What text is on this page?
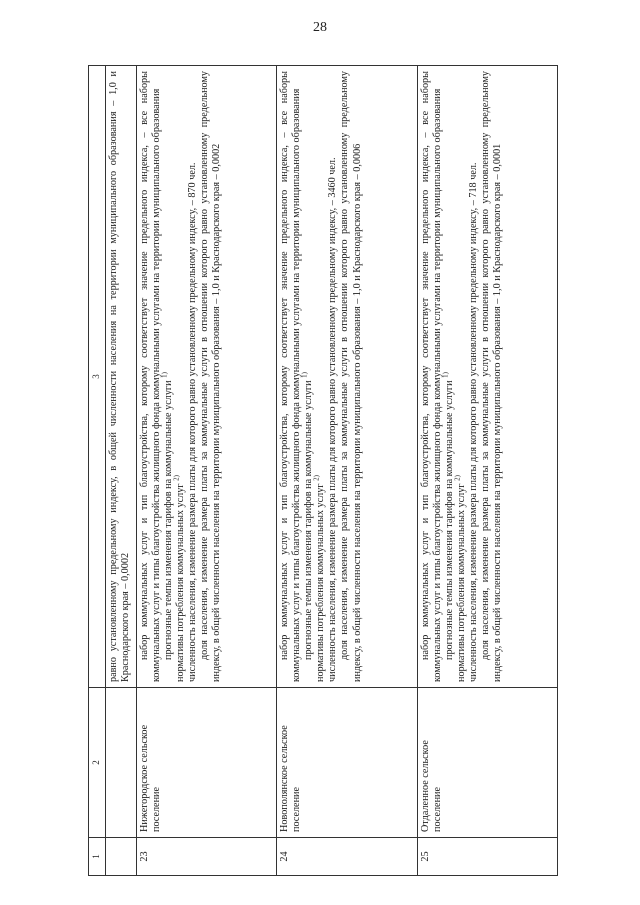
28
1	2	3
		равно установленному предельному индексу, в общей численности населения на территории муниципального образования – 1,0 и Краснодарского края – 0,0002
23	Нижегородское сельское поселение	набор коммунальных услуг и тип благоустройства, которому соответствует значение предельного индекса, – все наборы коммунальных услуг и типы благоустройства жилищного фонда коммунальными услугами на территории муниципального образования прогнозные темпы изменения тарифов на коммунальные услуги $^{1)}$
нормативы потребления коммунальных услуг $^{2)}$ численность населения, изменение размера платы для которого равно установленному предельному индексу, – 870 чел. доля населения, изменение размера платы за коммунальные услуги в отношении которого равно установленному предельному индексу, в общей численности населения на территории муниципального образования – 1,0 и Краснодарского края – 0,0002

24	Новополянское сельское поселение	набор коммунальных услуг и тип благоустройства, которому соответствует значение предельного индекса, – все наборы коммунальных услуг и типы благоустройства жилищного фонда коммунальными услугами на территории муниципального образования прогнозные темпы изменения тарифов на коммунальные услуги $^{1)}$
нормативы потребления коммунальных услуг $^{2)}$ численность населения, изменение размера платы для которого равно установленному предельному индексу, – 3460 чел. доля населения, изменение размера платы за коммунальные услуги в отношении которого равно установленному предельному индексу, в общей численности населения на территории муниципального образования – 1,0 и Краснодарского края – 0,0006

25	Отдаленное сельское поселение	набор коммунальных услуг и тип благоустройства, которому соответствует значение предельного индекса, – все наборы коммунальных услуг и типы благоустройства жилищного фонда коммунальными услугами на территории муниципального образования прогнозные темпы изменения тарифов на коммунальные услуги $^{1)}$
нормативы потребления коммунальных услуг $^{2)}$ численность населения, изменение размера платы для которого равно установленному предельному индексу, – 718 чел. доля населения, изменение размера платы за коммунальные услуги в отношении которого равно установленному предельному индексу, в общей численности населения на территории муниципального образования – 1,0 и Краснодарского края – 0,0001
